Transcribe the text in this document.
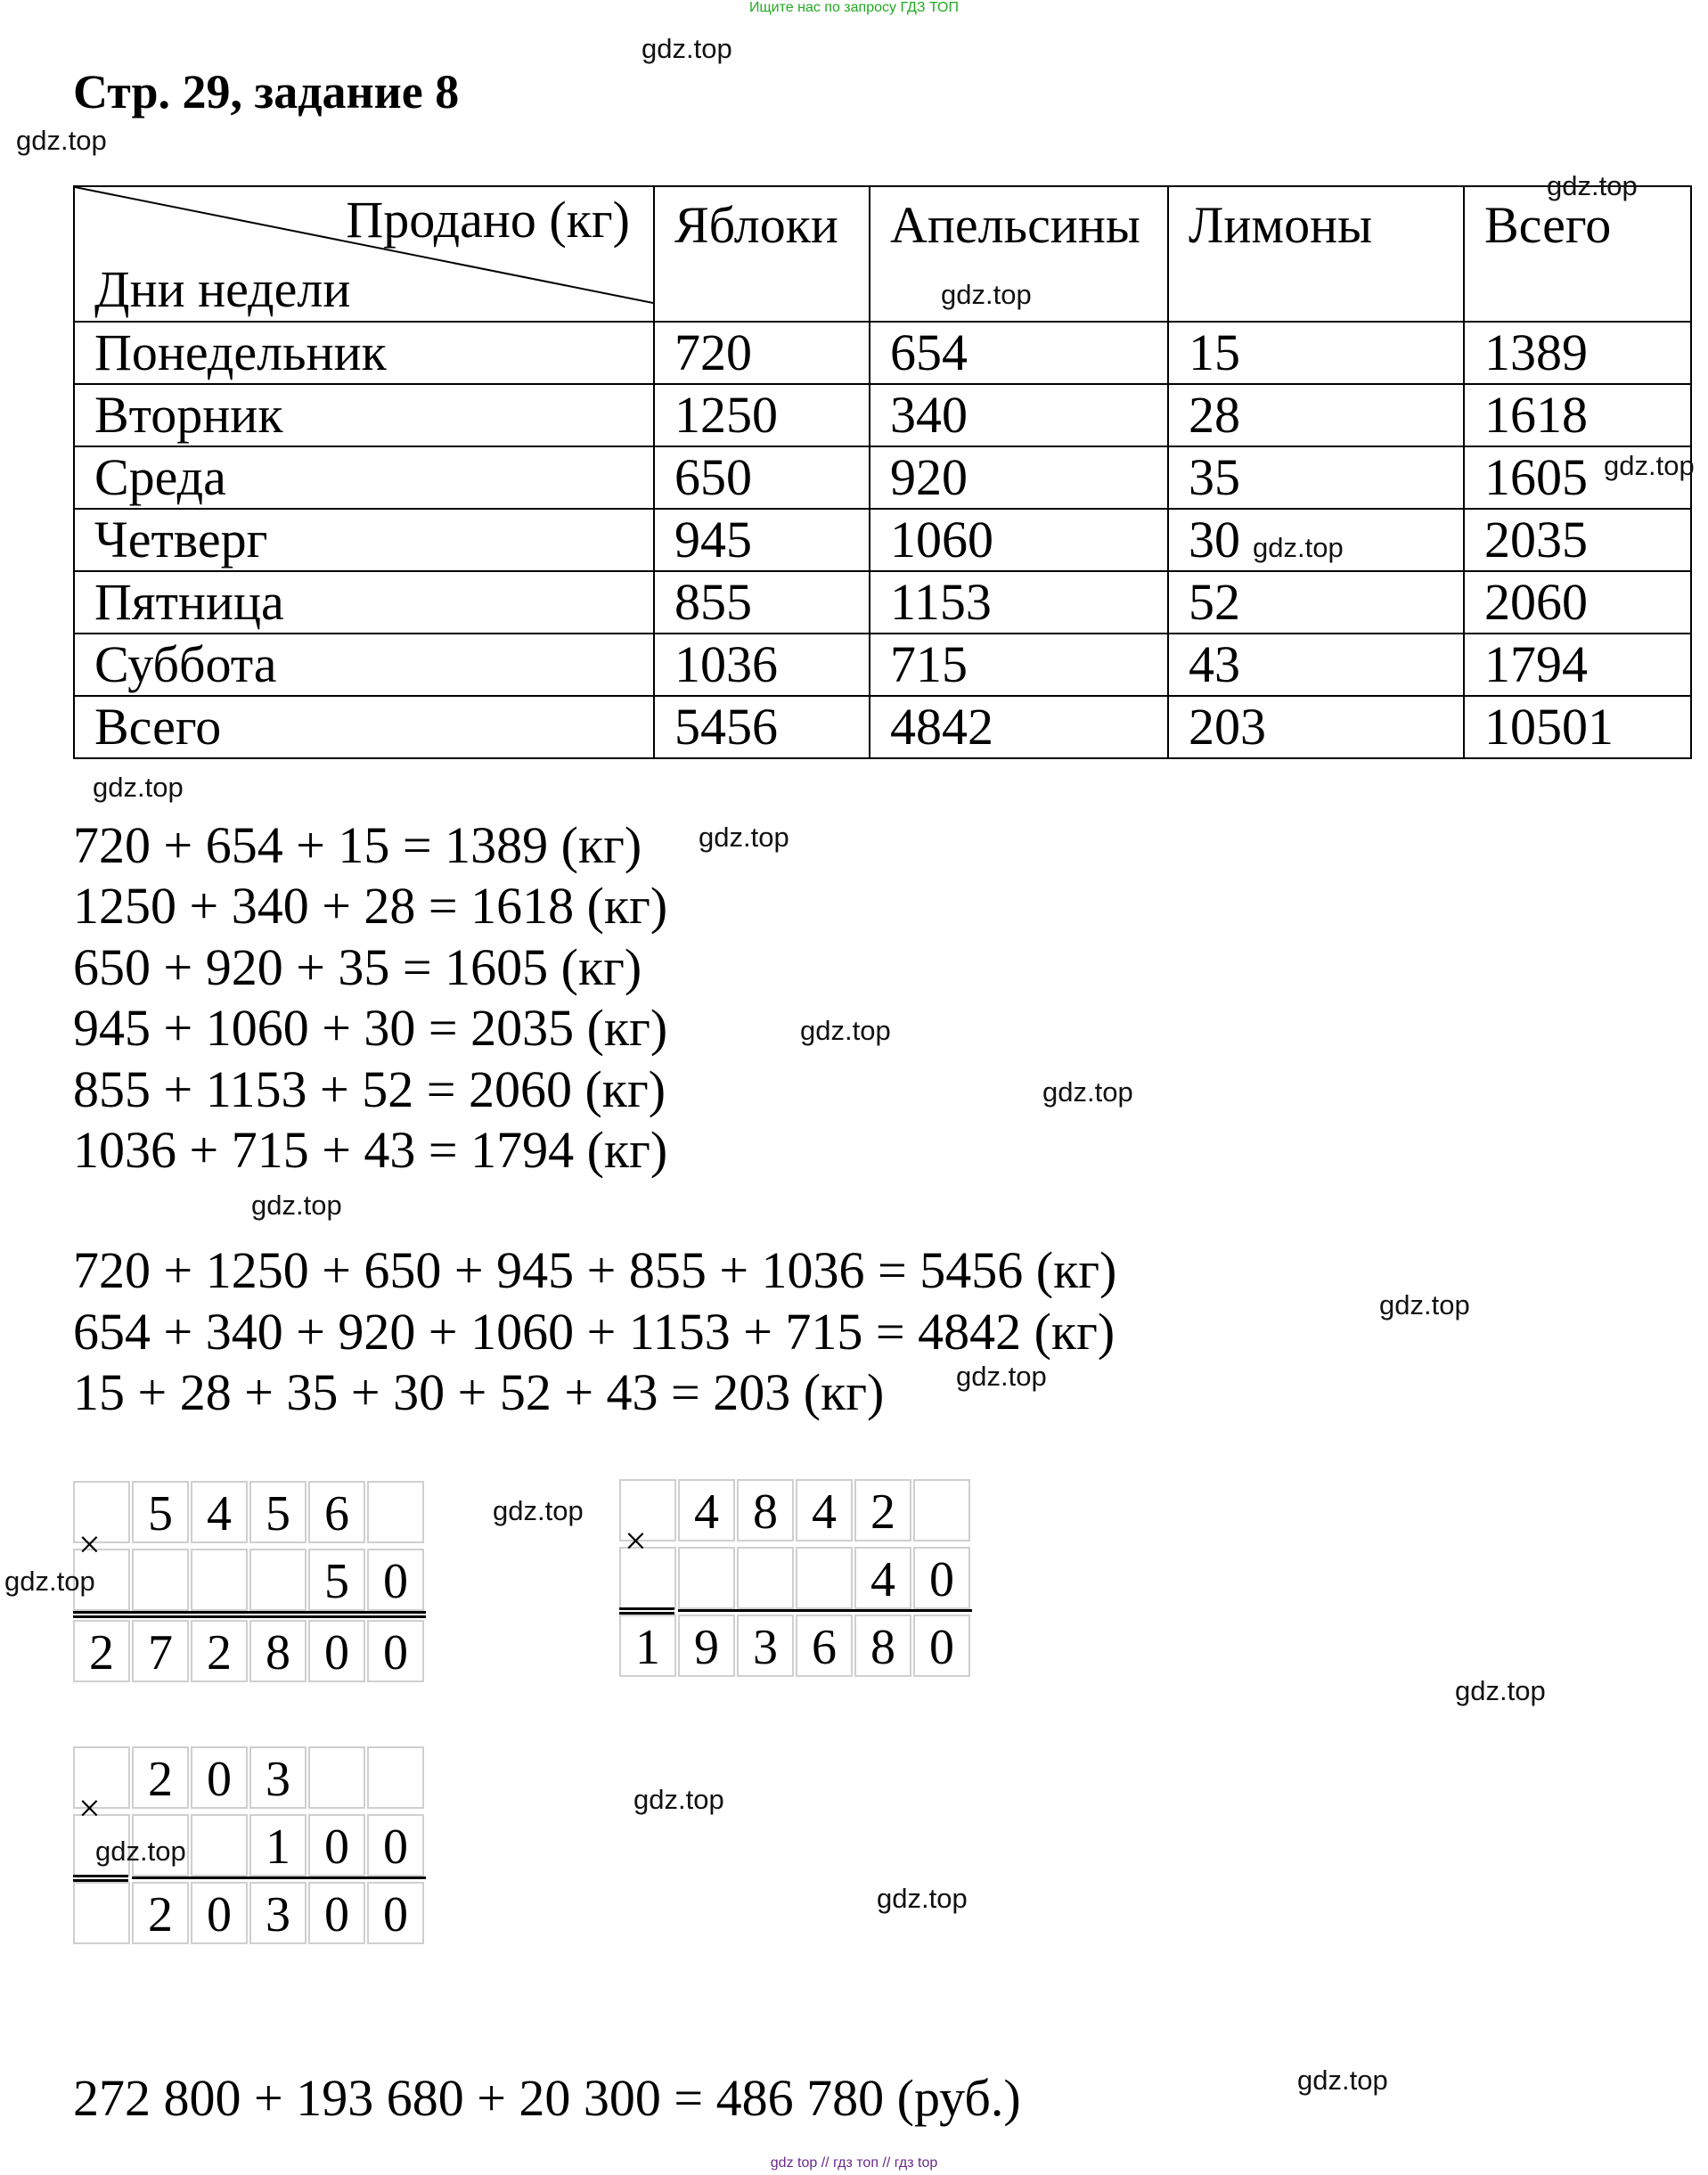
Ищите нас по запросу ГДЗ ТОП
Стр. 29, задание 8
Продано (кг)
Дни недели	Яблоки	Апельсины	Лимоны	Всего
Понедельник	720	654	15	1389
Вторник	1250	340	28	1618
Среда	650	920	35	1605
Четверг	945	1060	30	2035
Пятница	855	1153	52	2060
Суббота	1036	715	43	1794
Всего	5456	4842	203	10501
720 + 654 + 15 = 1389 (кг)
1250 + 340 + 28 = 1618 (кг)
650 + 920 + 35 = 1605 (кг)
945 + 1060 + 30 = 2035 (кг)
855 + 1153 + 52 = 2060 (кг)
1036 + 715 + 43 = 1794 (кг)
720 + 1250 + 650 + 945 + 855 + 1036 = 5456 (кг)
654 + 340 + 920 + 1060 + 1153 + 715 = 4842 (кг)
15 + 28 + 35 + 30 + 52 + 43 = 203 (кг)
5 4 5 6
5 0
2 7 2 8 0 0
×
4 8 4 2
4 0
1 9 3 6 8 0
×
2 0 3
1 0 0
2 0 3 0 0
×
272 800 + 193 680 + 20 300 = 486 780 (руб.)
gdz.top
gdz.top
gdz.top
gdz.top
gdz.top
gdz.top
gdz.top
gdz.top
gdz.top
gdz.top
gdz.top
gdz.top
gdz.top
gdz.top
gdz.top
gdz.top
gdz.top
gdz.top
gdz.top
gdz.top
gdz top // гдз топ // гдз top
